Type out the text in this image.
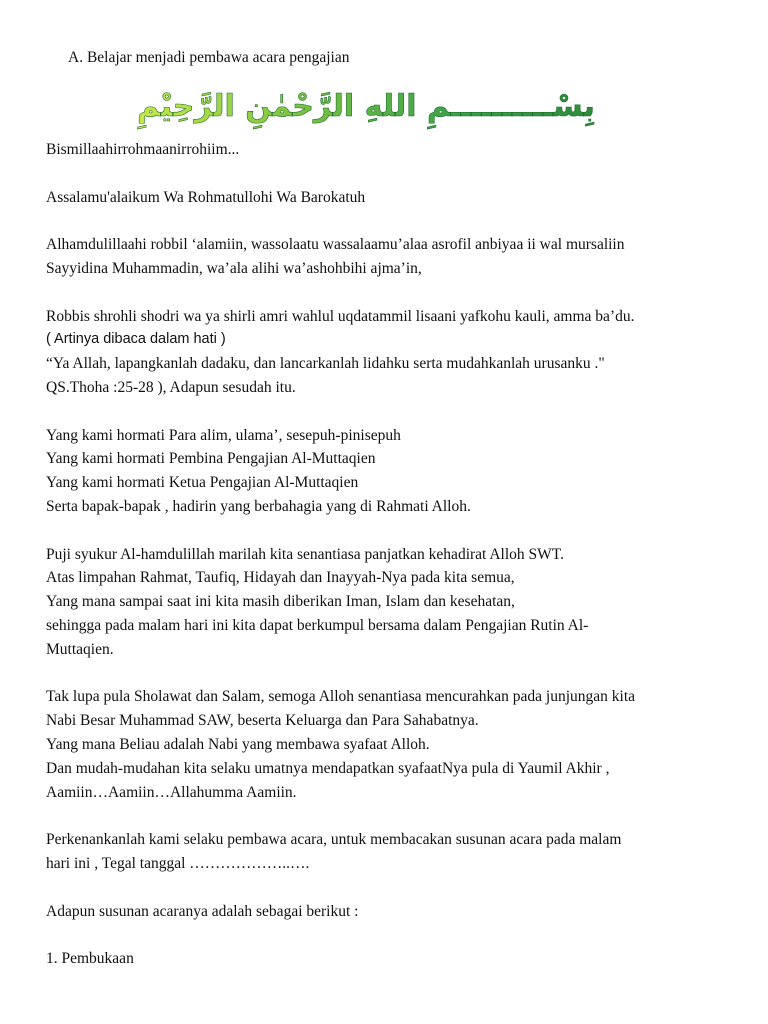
A. Belajar menjadi pembawa acara pengajian
بِسْــــــــــمِ اللهِ الرَّحْمٰنِ الرَّحِيْمِ
Bismillaahirrohmaanirrohiim...
Assalamu'alaikum Wa Rohmatullohi Wa Barokatuh
Alhamdulillaahi robbil ‘alamiin, wassolaatu wassalaamu’alaa asrofil anbiyaa ii wal mursaliin
Sayyidina Muhammadin, wa’ala alihi wa’ashohbihi ajma’in,
Robbis shrohli shodri wa ya shirli amri wahlul uqdatammil lisaani yafkohu kauli, amma ba’du.
( Artinya dibaca dalam hati )
“Ya Allah, lapangkanlah dadaku, dan lancarkanlah lidahku serta mudahkanlah urusanku ."
QS.Thoha :25-28 ), Adapun sesudah itu.
Yang kami hormati Para alim, ulama’, sesepuh-pinisepuh
Yang kami hormati Pembina Pengajian Al-Muttaqien
Yang kami hormati Ketua Pengajian Al-Muttaqien
Serta bapak-bapak , hadirin yang berbahagia yang di Rahmati Alloh.
Puji syukur Al-hamdulillah marilah kita senantiasa panjatkan kehadirat Alloh SWT.
Atas limpahan Rahmat, Taufiq, Hidayah dan Inayyah-Nya pada kita semua,
Yang mana sampai saat ini kita masih diberikan Iman, Islam dan kesehatan,
sehingga pada malam hari ini kita dapat berkumpul bersama dalam Pengajian Rutin Al-
Muttaqien.
Tak lupa pula Sholawat dan Salam, semoga Alloh senantiasa mencurahkan pada junjungan kita
Nabi Besar Muhammad SAW, beserta Keluarga dan Para Sahabatnya.
Yang mana Beliau adalah Nabi yang membawa syafaat Alloh.
Dan mudah-mudahan kita selaku umatnya mendapatkan syafaatNya pula di Yaumil Akhir ,
Aamiin…Aamiin…Allahumma Aamiin.
Perkenankanlah kami selaku pembawa acara, untuk membacakan susunan acara pada malam
hari ini , Tegal tanggal ………………..….
Adapun susunan acaranya adalah sebagai berikut :
1. Pembukaan
